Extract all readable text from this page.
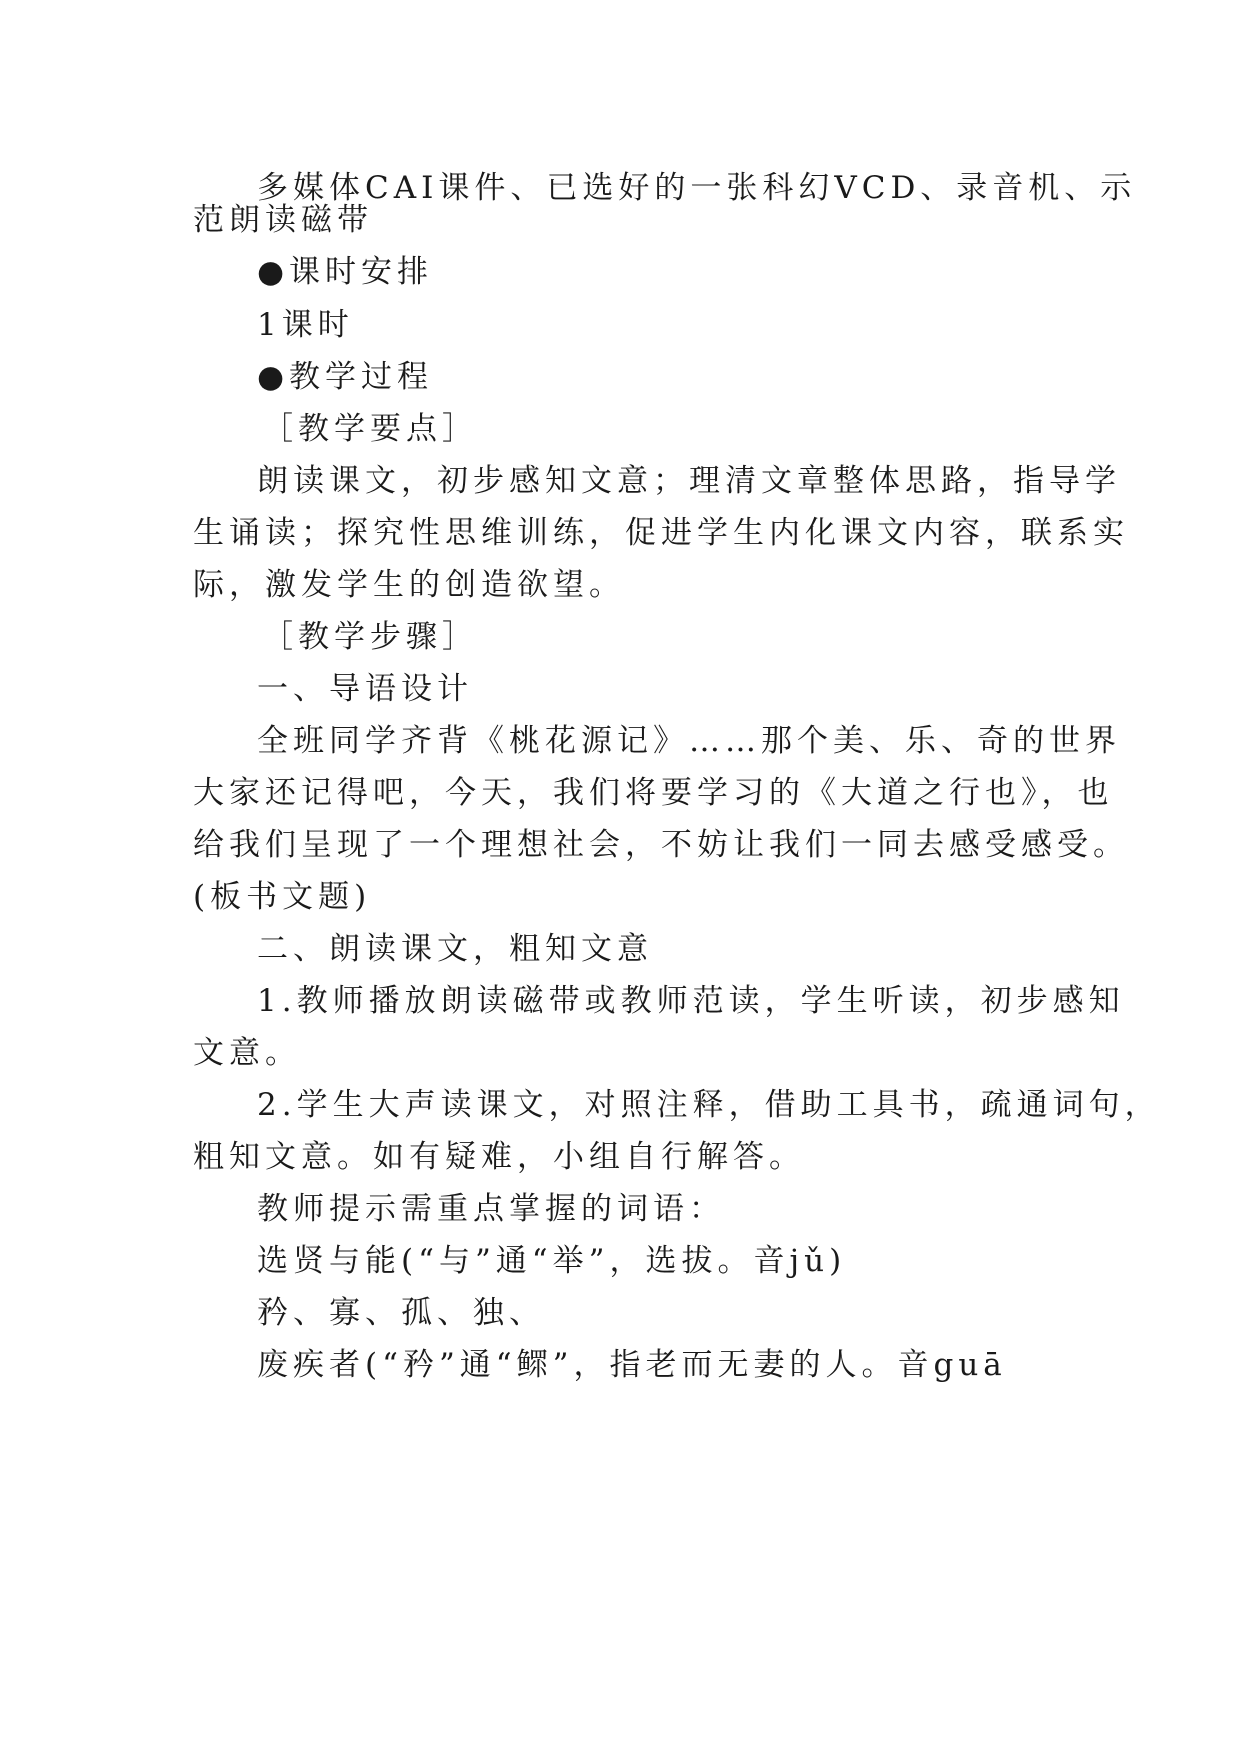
多媒体CAI课件、已选好的一张科幻VCD、录音机、示
范朗读磁带
●课时安排
1课时
●教学过程
［教学要点］
朗读课文，初步感知文意；理清文章整体思路，指导学
生诵读；探究性思维训练，促进学生内化课文内容，联系实
际，激发学生的创造欲望。
［教学步骤］
一、导语设计
全班同学齐背《桃花源记》……那个美、乐、奇的世界
大家还记得吧，今天，我们将要学习的《大道之行也》，也
给我们呈现了一个理想社会，不妨让我们一同去感受感受。
(板书文题)
二、朗读课文，粗知文意
1.教师播放朗读磁带或教师范读，学生听读，初步感知
文意。
2.学生大声读课文，对照注释，借助工具书，疏通词句，
粗知文意。如有疑难，小组自行解答。
教师提示需重点掌握的词语：
选贤与能(“与”通“举”，选拔。音jǔ)
矜、寡、孤、独、
废疾者(“矜”通“鳏”，指老而无妻的人。音guā
